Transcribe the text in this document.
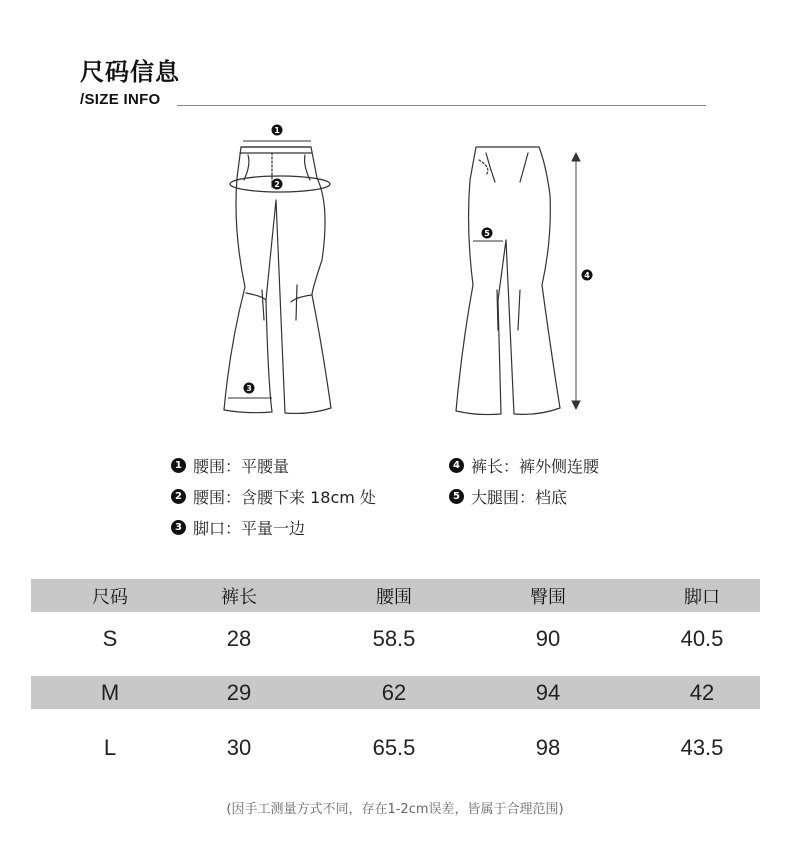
尺码信息
/SIZE INFO
1
2
3
4
5
1 腰围：平腰量
2 腰围：含腰下来 18cm 处
3 脚口：平量一边
4 裤长：裤外侧连腰
5 大腿围：档底
尺码	裤长	腰围	臀围	脚口
S	28	58.5	90	40.5
M	29	62	94	42
L	30	65.5	98	43.5
(因手工测量方式不同，存在1-2cm误差，皆属于合理范围)
